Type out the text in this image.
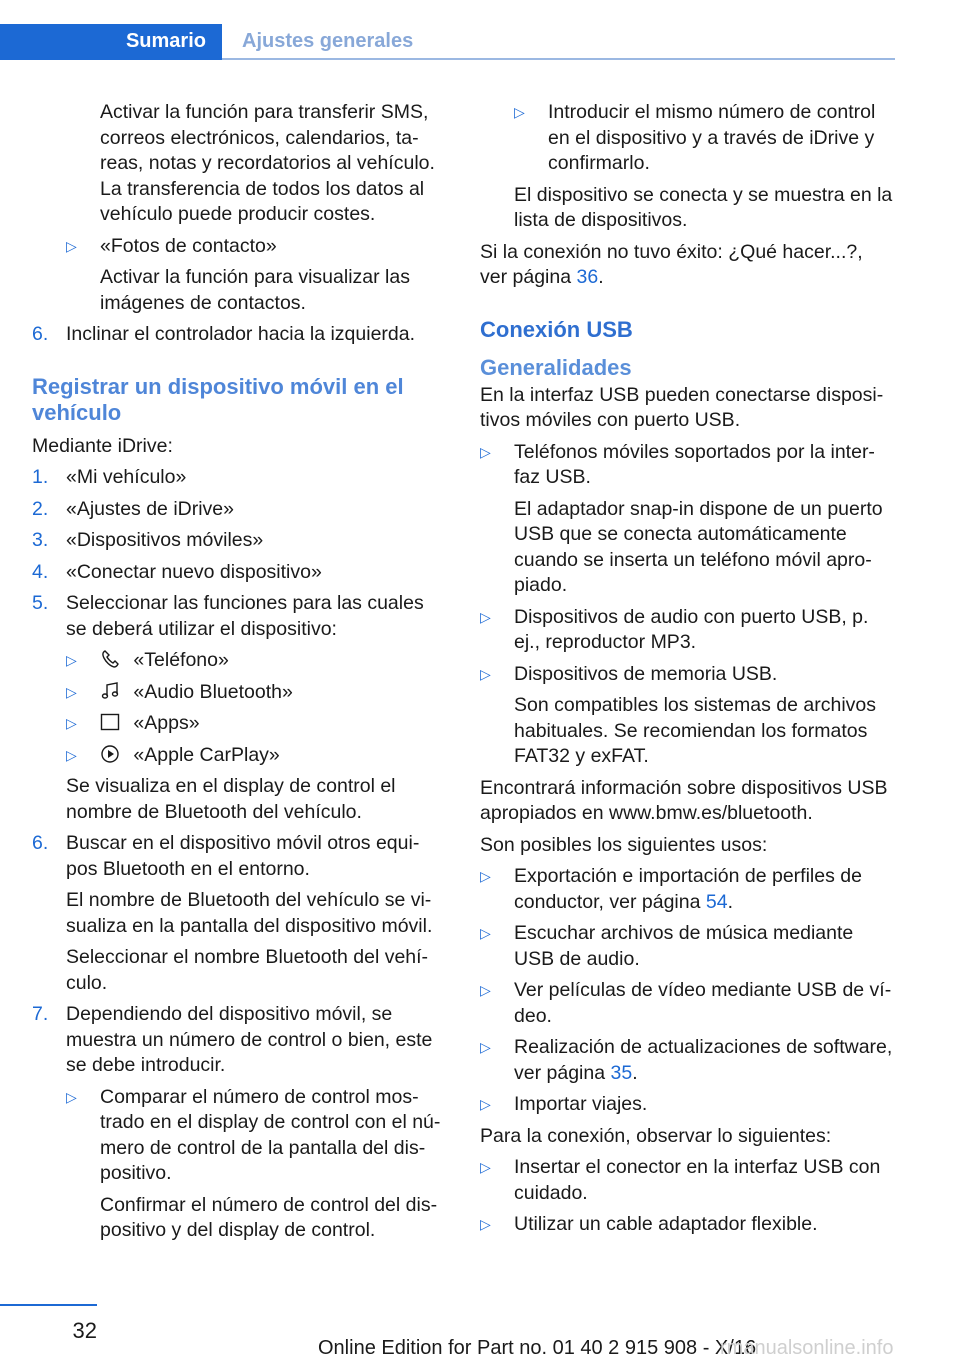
Sumario	Ajustes generales

Activar la función para transferir SMS, correos electrónicos, calendarios, ta‐ reas, notas y recordatorios al vehículo. La transferencia de todos los datos al vehículo puede producir costes.

▷	«Fotos de contacto»

Activar la función para visualizar las imágenes de contactos.

6. Inclinar el controlador hacia la izquierda.
Registrar un dispositivo móvil en el vehículo

Mediante iDrive:

1. «Mi vehículo»
2. «Ajustes de iDrive»
3. «Dispositivos móviles»
4. «Conectar nuevo dispositivo»
5. Seleccionar las funciones para las cuales se deberá utilizar el dispositivo:
▷	«Teléfono»
▷	«Audio Bluetooth»
▷	«Apps»
▷	«Apple CarPlay»

Se visualiza en el display de control el nombre de Bluetooth del vehículo.

6. Buscar en el dispositivo móvil otros equi‐ pos Bluetooth en el entorno.

El nombre de Bluetooth del vehículo se vi‐ sualiza en la pantalla del dispositivo móvil.

Seleccionar el nombre Bluetooth del vehí‐ culo.

7. Dependiendo del dispositivo móvil, se muestra un número de control o bien, este se debe introducir.
▷	Comparar el número de control mos‐ trado en el display de control con el nú‐ mero de control de la pantalla del dis‐ positivo.

Confirmar el número de control del dis‐ positivo y del display de control.

▷	Introducir el mismo número de control en el dispositivo y a través de iDrive y confirmarlo.

El dispositivo se conecta y se muestra en la lista de dispositivos.

Si la conexión no tuvo éxito: ¿Qué hacer...?, ver página 36.

Conexión USB
Generalidades

En la interfaz USB pueden conectarse disposi‐ tivos móviles con puerto USB.

▷	Teléfonos móviles soportados por la inter‐ faz USB.

El adaptador snap-in dispone de un puerto USB que se conecta automáticamente cuando se inserta un teléfono móvil apro‐ piado.

▷	Dispositivos de audio con puerto USB, p. ej., reproductor MP3.
▷	Dispositivos de memoria USB.

Son compatibles los sistemas de archivos habituales. Se recomiendan los formatos FAT32 y exFAT.

Encontrará información sobre dispositivos USB apropiados en www.bmw.es/bluetooth.

Son posibles los siguientes usos:

▷	Exportación e importación de perfiles de conductor, ver página 54.
▷	Escuchar archivos de música mediante USB de audio.
▷	Ver películas de vídeo mediante USB de ví‐ deo.
▷	Realización de actualizaciones de software, ver página 35.
▷	Importar viajes.

Para la conexión, observar lo siguientes:

▷	Insertar el conector en la interfaz USB con cuidado.
▷	Utilizar un cable adaptador flexible.
32
Online Edition for Part no. 01 40 2 915 908 - X/16
rmanualsonline.info
